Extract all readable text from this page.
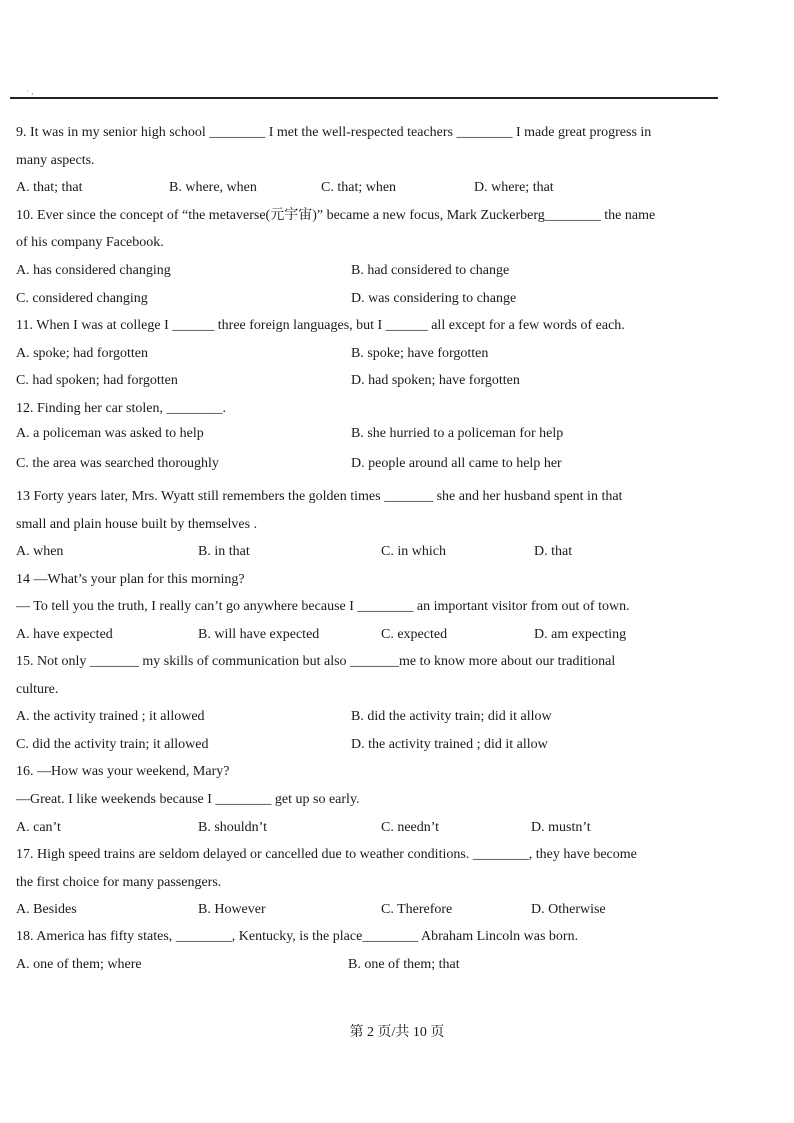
· ,
9. It was in my senior high school ________ I met the well-respected teachers ________ I made great progress in
many aspects.
A. that; that	B. where, when	C. that; when	D. where; that
10. Ever since the concept of “the metaverse(元宇宙)” became a new focus, Mark Zuckerberg________ the name
of his company Facebook.
A. has considered changing	B. had considered to change
C. considered changing	D. was considering to change
11. When I was at college I ______ three foreign languages, but I ______ all except for a few words of each.
A. spoke; had forgotten	B. spoke; have forgotten
C. had spoken; had forgotten	D. had spoken; have forgotten
12. Finding her car stolen, ________.
A. a policeman was asked to help	B. she hurried to a policeman for help
C. the area was searched thoroughly	D. people around all came to help her
13 Forty years later, Mrs. Wyatt still remembers the golden times _______ she and her husband spent in that
small and plain house built by themselves .
A. when	B. in that	C. in which	D. that
14 —What’s your plan for this morning?
— To tell you the truth, I really can’t go anywhere because I ________ an important visitor from out of town.
A. have expected	B. will have expected	C. expected	D. am expecting
15. Not only _______ my skills of communication but also _______me to know more about our traditional
culture.
A. the activity trained ; it allowed	B. did the activity train; did it allow
C. did the activity train; it allowed	D. the activity trained ; did it allow
16. —How was your weekend, Mary?
—Great. I like weekends because I ________ get up so early.
A. can’t	B. shouldn’t	C. needn’t	D. mustn’t
17. High speed trains are seldom delayed or cancelled due to weather conditions. ________, they have become
the first choice for many passengers.
A. Besides	B. However	C. Therefore	D. Otherwise
18. America has fifty states, ________, Kentucky, is the place________ Abraham Lincoln was born.
A. one of them; where	B. one of them; that
第 2 页/共 10 页
